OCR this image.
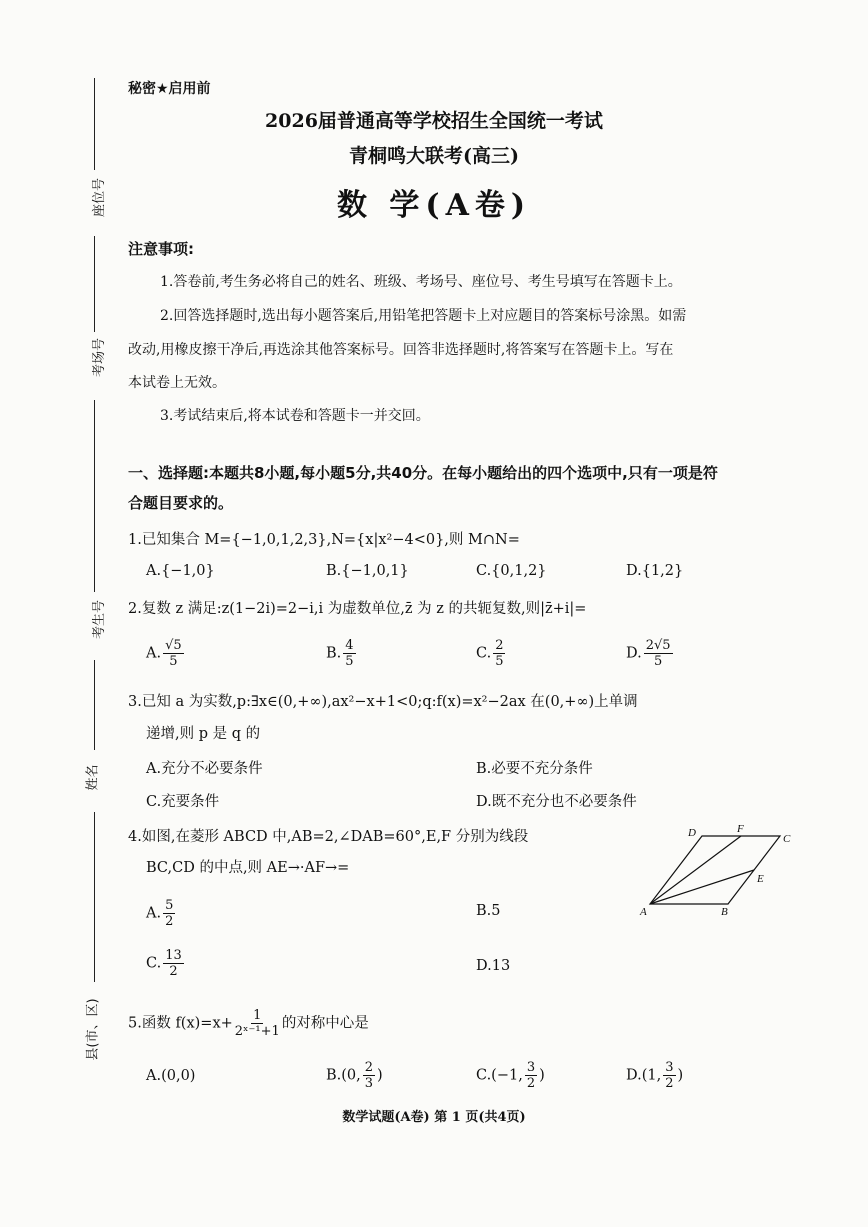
座位号
考场号
考生号
姓名
县(市、区)
秘密★启用前
2026届普通高等学校招生全国统一考试
青桐鸣大联考(高三)
数 学(A卷)
注意事项:
1.答卷前,考生务必将自己的姓名、班级、考场号、座位号、考生号填写在答题卡上。
2.回答选择题时,选出每小题答案后,用铅笔把答题卡上对应题目的答案标号涂黑。如需
改动,用橡皮擦干净后,再选涂其他答案标号。回答非选择题时,将答案写在答题卡上。写在
本试卷上无效。
3.考试结束后,将本试卷和答题卡一并交回。
一、选择题:本题共8小题,每小题5分,共40分。在每小题给出的四个选项中,只有一项是符
合题目要求的。
1.已知集合 M={−1,0,1,2,3},N={x|x²−4<0},则 M∩N=
A.{−1,0}	B.{−1,0,1}	C.{0,1,2}	D.{1,2}
2.复数 z 满足:z(1−2i)=2−i,i 为虚数单位,z̄ 为 z 的共轭复数,则|z̄+i|=
A. $\frac{√5}{5}$	B. $\frac{4}{5}$	C. $\frac{2}{5}$	D. $\frac{2√5}{5}$
3.已知 a 为实数,p:∃x∈(0,+∞),ax²−x+1<0;q:f(x)=x²−2ax 在(0,+∞)上单调
递增,则 p 是 q 的
A.充分不必要条件	B.必要不充分条件
C.充要条件	D.既不充分也不必要条件
4.如图,在菱形 ABCD 中,AB=2,∠DAB=60°,E,F 分别为线段
BC,CD 的中点,则 AE→·AF→=
A. $\frac{5}{2}$	B.5
C. $\frac{13}{2}$	D.13
A	B
C
D
E
F
5.函数 $f(x)=x+ \frac{1}{\text{2ˣ⁻¹+1}}$ 的对称中心是
A.(0,0)	B.(0, $\frac{2}{3}$ )	C.(−1, $\frac{3}{2}$ )	D.(1, $\frac{3}{2}$ )
数学试题(A卷) 第 1 页(共4页)
